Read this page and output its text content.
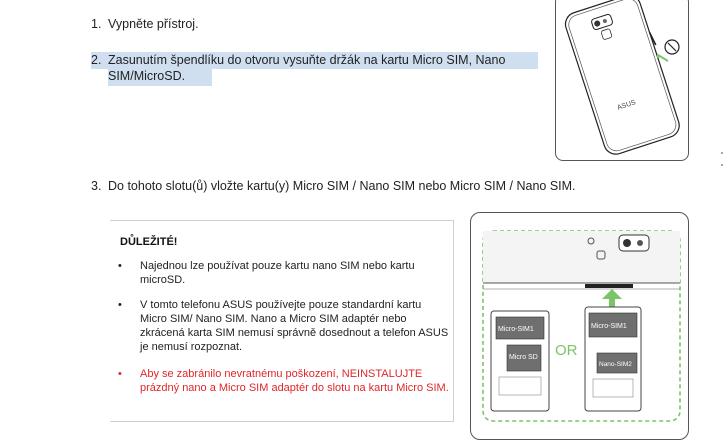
1. Vypněte přístroj.
2. Zasunutím špendlíku do otvoru vysuňte držák na kartu Micro SIM, Nano SIM/MicroSD.
3. Do tohoto slotu(ů) vložte kartu(y) Micro SIM / Nano SIM nebo Micro SIM / Nano SIM.
ASUS
DŮLEŽITÉ!
• Najednou lze používat pouze kartu nano SIM nebo kartu microSD.
• V tomto telefonu ASUS používejte pouze standardní kartu Micro SIM/ Nano SIM. Nano a Micro SIM adaptér nebo zkrácená karta SIM nemusí správně dosednout a telefon ASUS je nemusí rozpoznat.
• Aby se zabránilo nevratnému poškození, NEINSTALUJTE prázdný nano a Micro SIM adaptér do slotu na kartu Micro SIM.
Micro-SIM1
Micro SD OR
Micro-SIM1
Nano-SIM2
